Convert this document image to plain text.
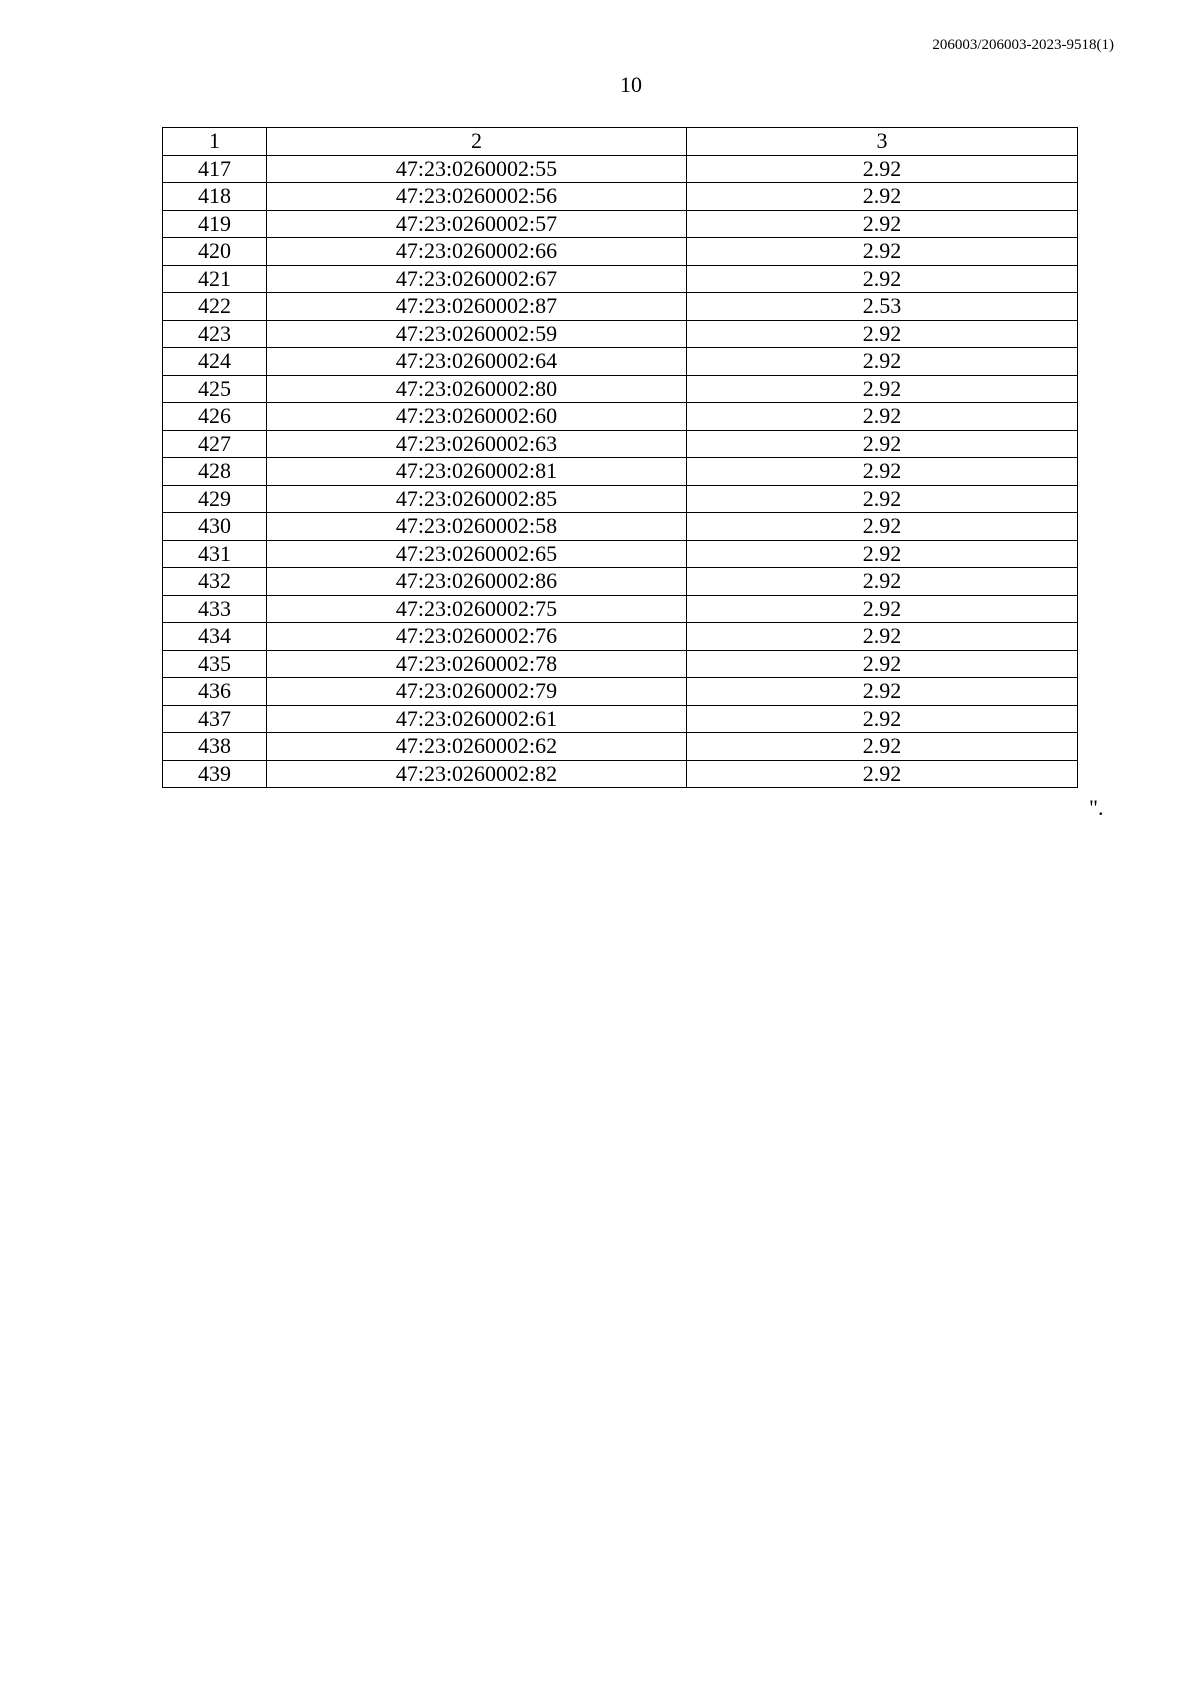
206003/206003-2023-9518(1)
10
1	2	3
417	47:23:0260002:55	2.92
418	47:23:0260002:56	2.92
419	47:23:0260002:57	2.92
420	47:23:0260002:66	2.92
421	47:23:0260002:67	2.92
422	47:23:0260002:87	2.53
423	47:23:0260002:59	2.92
424	47:23:0260002:64	2.92
425	47:23:0260002:80	2.92
426	47:23:0260002:60	2.92
427	47:23:0260002:63	2.92
428	47:23:0260002:81	2.92
429	47:23:0260002:85	2.92
430	47:23:0260002:58	2.92
431	47:23:0260002:65	2.92
432	47:23:0260002:86	2.92
433	47:23:0260002:75	2.92
434	47:23:0260002:76	2.92
435	47:23:0260002:78	2.92
436	47:23:0260002:79	2.92
437	47:23:0260002:61	2.92
438	47:23:0260002:62	2.92
439	47:23:0260002:82	2.92
".
